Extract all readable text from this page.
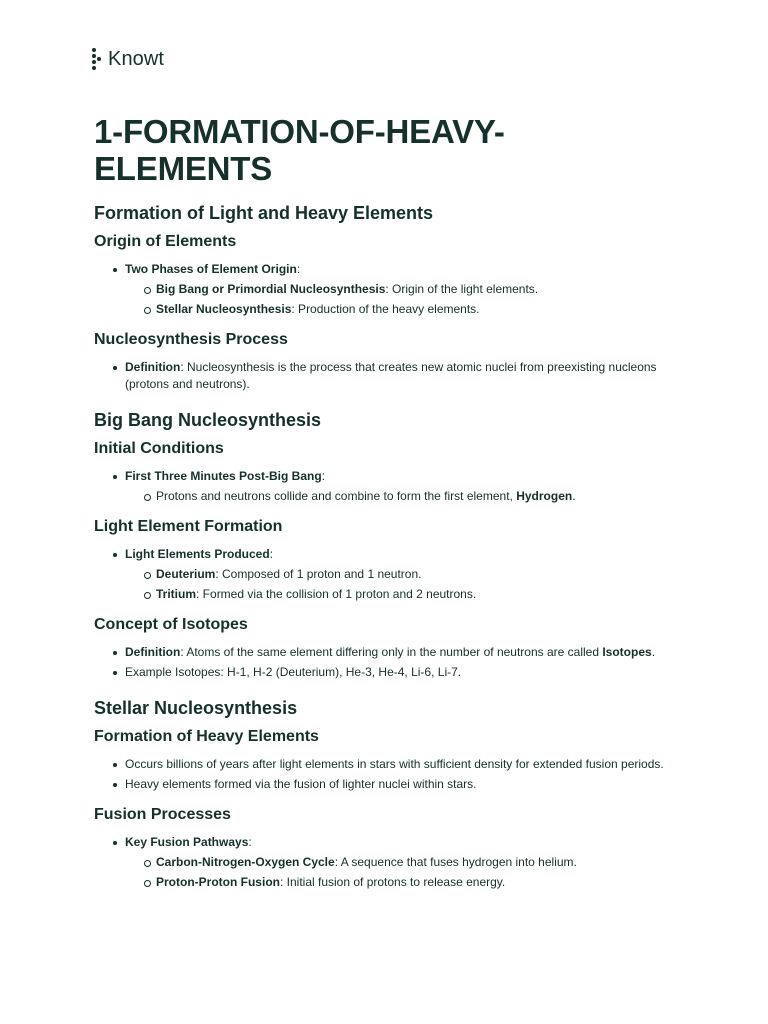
Knowt
1-FORMATION-OF-HEAVY-ELEMENTS
Formation of Light and Heavy Elements
Origin of Elements
Two Phases of Element Origin:
Big Bang or Primordial Nucleosynthesis: Origin of the light elements.
Stellar Nucleosynthesis: Production of the heavy elements.
Nucleosynthesis Process
Definition: Nucleosynthesis is the process that creates new atomic nuclei from preexisting nucleons (protons and neutrons).
Big Bang Nucleosynthesis
Initial Conditions
First Three Minutes Post-Big Bang:
Protons and neutrons collide and combine to form the first element, Hydrogen.
Light Element Formation
Light Elements Produced:
Deuterium: Composed of 1 proton and 1 neutron.
Tritium: Formed via the collision of 1 proton and 2 neutrons.
Concept of Isotopes
Definition: Atoms of the same element differing only in the number of neutrons are called Isotopes.
Example Isotopes: H-1, H-2 (Deuterium), He-3, He-4, Li-6, Li-7.
Stellar Nucleosynthesis
Formation of Heavy Elements
Occurs billions of years after light elements in stars with sufficient density for extended fusion periods.
Heavy elements formed via the fusion of lighter nuclei within stars.
Fusion Processes
Key Fusion Pathways:
Carbon-Nitrogen-Oxygen Cycle: A sequence that fuses hydrogen into helium.
Proton-Proton Fusion: Initial fusion of protons to release energy.
